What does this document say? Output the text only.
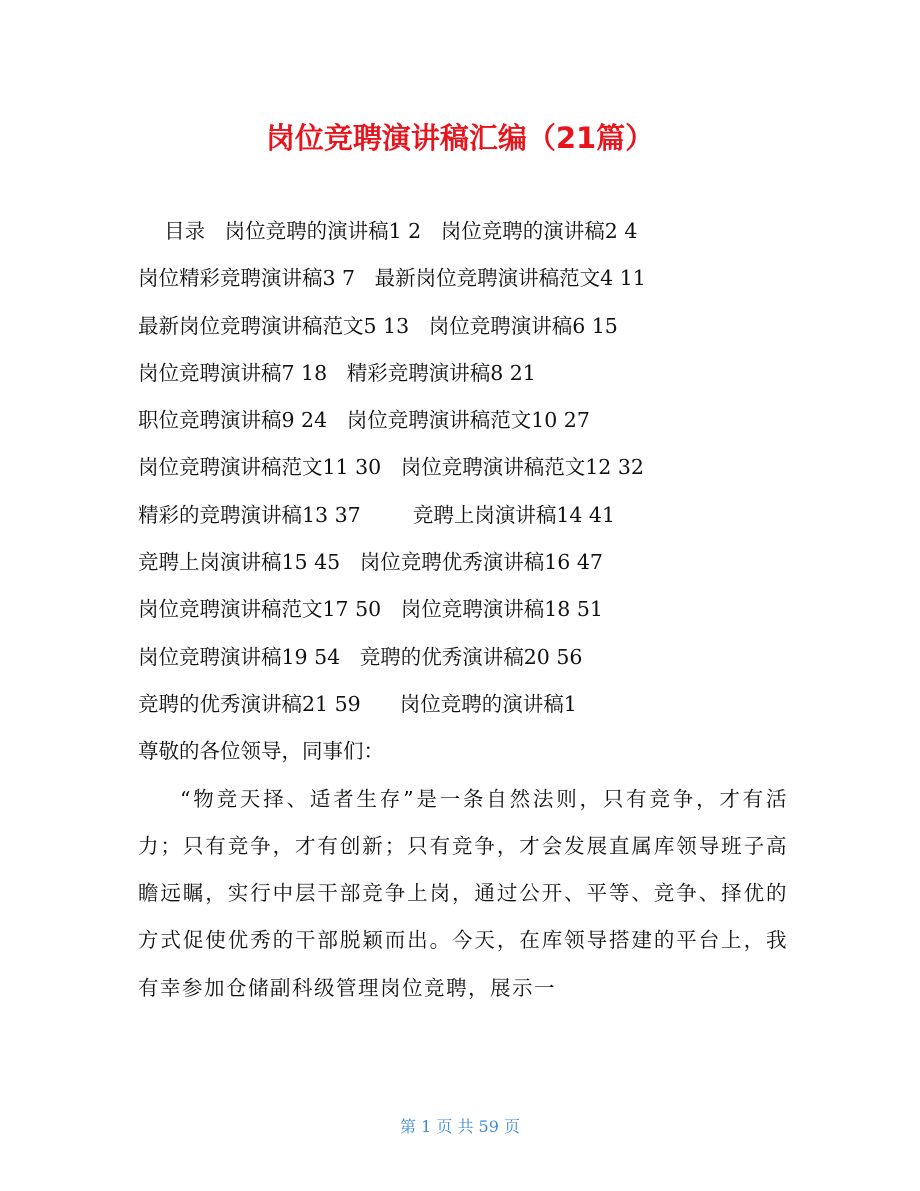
岗位竞聘演讲稿汇编（21篇）
目录   岗位竞聘的演讲稿1 2   岗位竞聘的演讲稿2 4
岗位精彩竞聘演讲稿3 7   最新岗位竞聘演讲稿范文4 11
最新岗位竞聘演讲稿范文5 13   岗位竞聘演讲稿6 15
岗位竞聘演讲稿7 18   精彩竞聘演讲稿8 21
职位竞聘演讲稿9 24   岗位竞聘演讲稿范文10 27
岗位竞聘演讲稿范文11 30   岗位竞聘演讲稿范文12 32
精彩的竞聘演讲稿13 37        竞聘上岗演讲稿14 41
竞聘上岗演讲稿15 45   岗位竞聘优秀演讲稿16 47
岗位竞聘演讲稿范文17 50   岗位竞聘演讲稿18 51
岗位竞聘演讲稿19 54   竞聘的优秀演讲稿20 56
竞聘的优秀演讲稿21 59      岗位竞聘的演讲稿1
尊敬的各位领导，同事们：
“物竞天择、适者生存”是一条自然法则，只有竞争，才有活力；只有竞争，才有创新；只有竞争，才会发展直属库领导班子高瞻远瞩，实行中层干部竞争上岗，通过公开、平等、竞争、择优的方式促使优秀的干部脱颖而出。今天，在库领导搭建的平台上，我有幸参加仓储副科级管理岗位竞聘，展示一
第 1 页 共 59 页
